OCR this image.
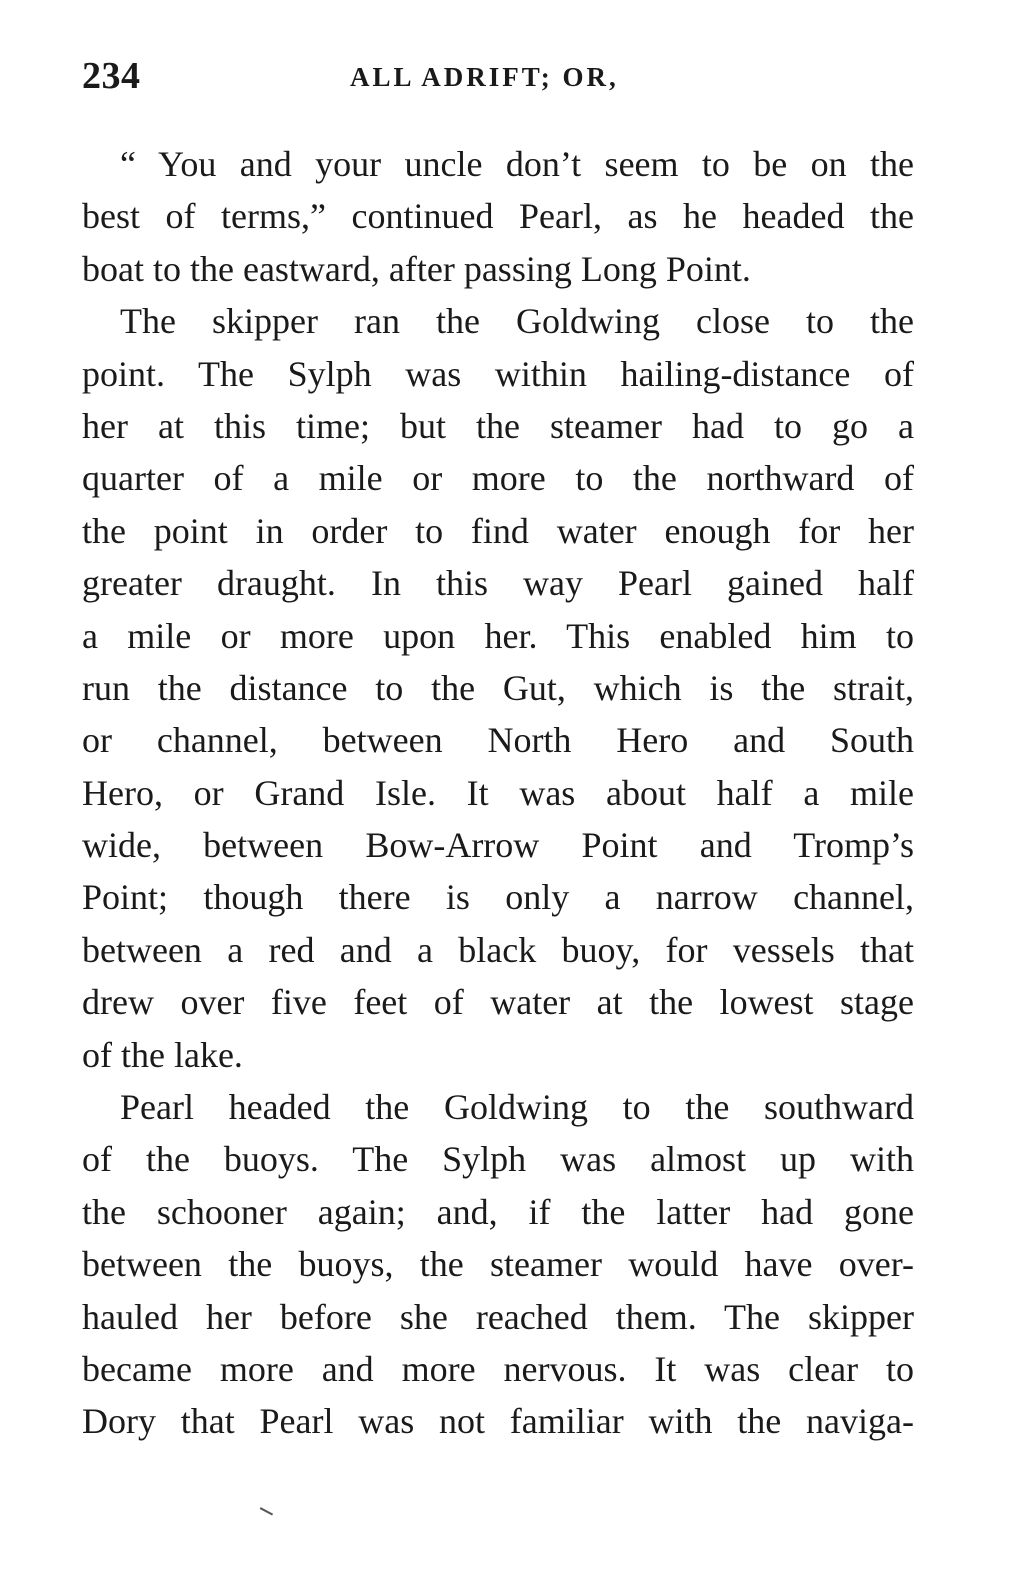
234	ALL ADRIFT; OR,
“ You and your uncle don’t seem to be on the
best of terms,” continued Pearl, as he headed the
boat to the eastward, after passing Long Point.
The skipper ran the Goldwing close to the
point. The Sylph was within hailing-distance of
her at this time; but the steamer had to go a
quarter of a mile or more to the northward of
the point in order to find water enough for her
greater draught. In this way Pearl gained half
a mile or more upon her. This enabled him to
run the distance to the Gut, which is the strait,
or channel, between North Hero and South
Hero, or Grand Isle. It was about half a mile
wide, between Bow-Arrow Point and Tromp’s
Point; though there is only a narrow channel,
between a red and a black buoy, for vessels that
drew over five feet of water at the lowest stage
of the lake.
Pearl headed the Goldwing to the southward
of the buoys. The Sylph was almost up with
the schooner again; and, if the latter had gone
between the buoys, the steamer would have over-
hauled her before she reached them. The skipper
became more and more nervous. It was clear to
Dory that Pearl was not familiar with the naviga-
